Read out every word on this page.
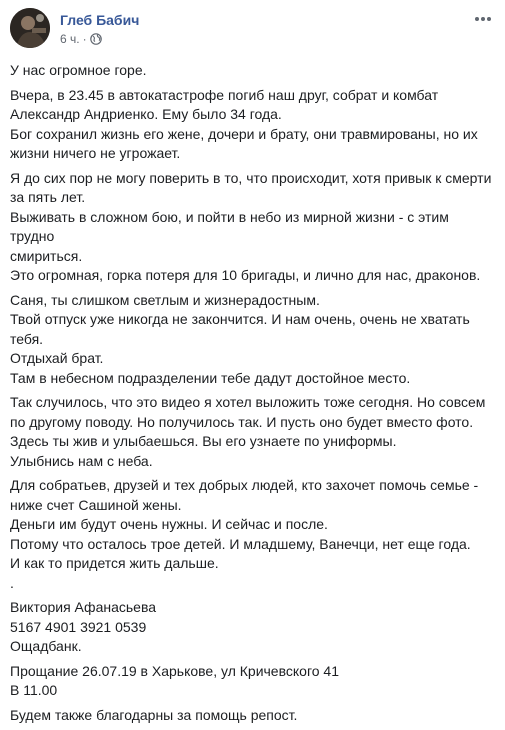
Глеб Бабич
6 ч. ·
У нас огромное горе.
Вчера, в 23.45 в автокатастрофе погиб наш друг, собрат и комбат
Александр Андриенко. Ему было 34 года.
Бог сохранил жизнь его жене, дочери и брату, они травмированы, но их
жизни ничего не угрожает.
Я до сих пор не могу поверить в то, что происходит, хотя привык к смерти
за пять лет.
Выживать в сложном бою, и пойти в небо из мирной жизни - с этим трудно
смириться.
Это огромная, горка потеря для 10 бригады, и лично для нас, драконов.
Саня, ты слишком светлым и жизнерадостным.
Твой отпуск уже никогда не закончится. И нам очень, очень не хватать
тебя.
Отдыхай брат.
Там в небесном подразделении тебе дадут достойное место.
Так случилось, что это видео я хотел выложить тоже сегодня. Но совсем
по другому поводу. Но получилось так. И пусть оно будет вместо фото.
Здесь ты жив и улыбаешься. Вы его узнаете по униформы.
Улыбнись нам с неба.
Для собратьев, друзей и тех добрых людей, кто захочет помочь семье -
ниже счет Сашиной жены.
Деньги им будут очень нужны. И сейчас и после.
Потому что осталось трое детей. И младшему, Ванечци, нет еще года.
И как то придется жить дальше.
.
Виктория Афанасьева
5167 4901 3921 0539
Ощадбанк.
Прощание 26.07.19 в Харькове, ул Кричевского 41
В 11.00
Будем также благодарны за помощь репост.
